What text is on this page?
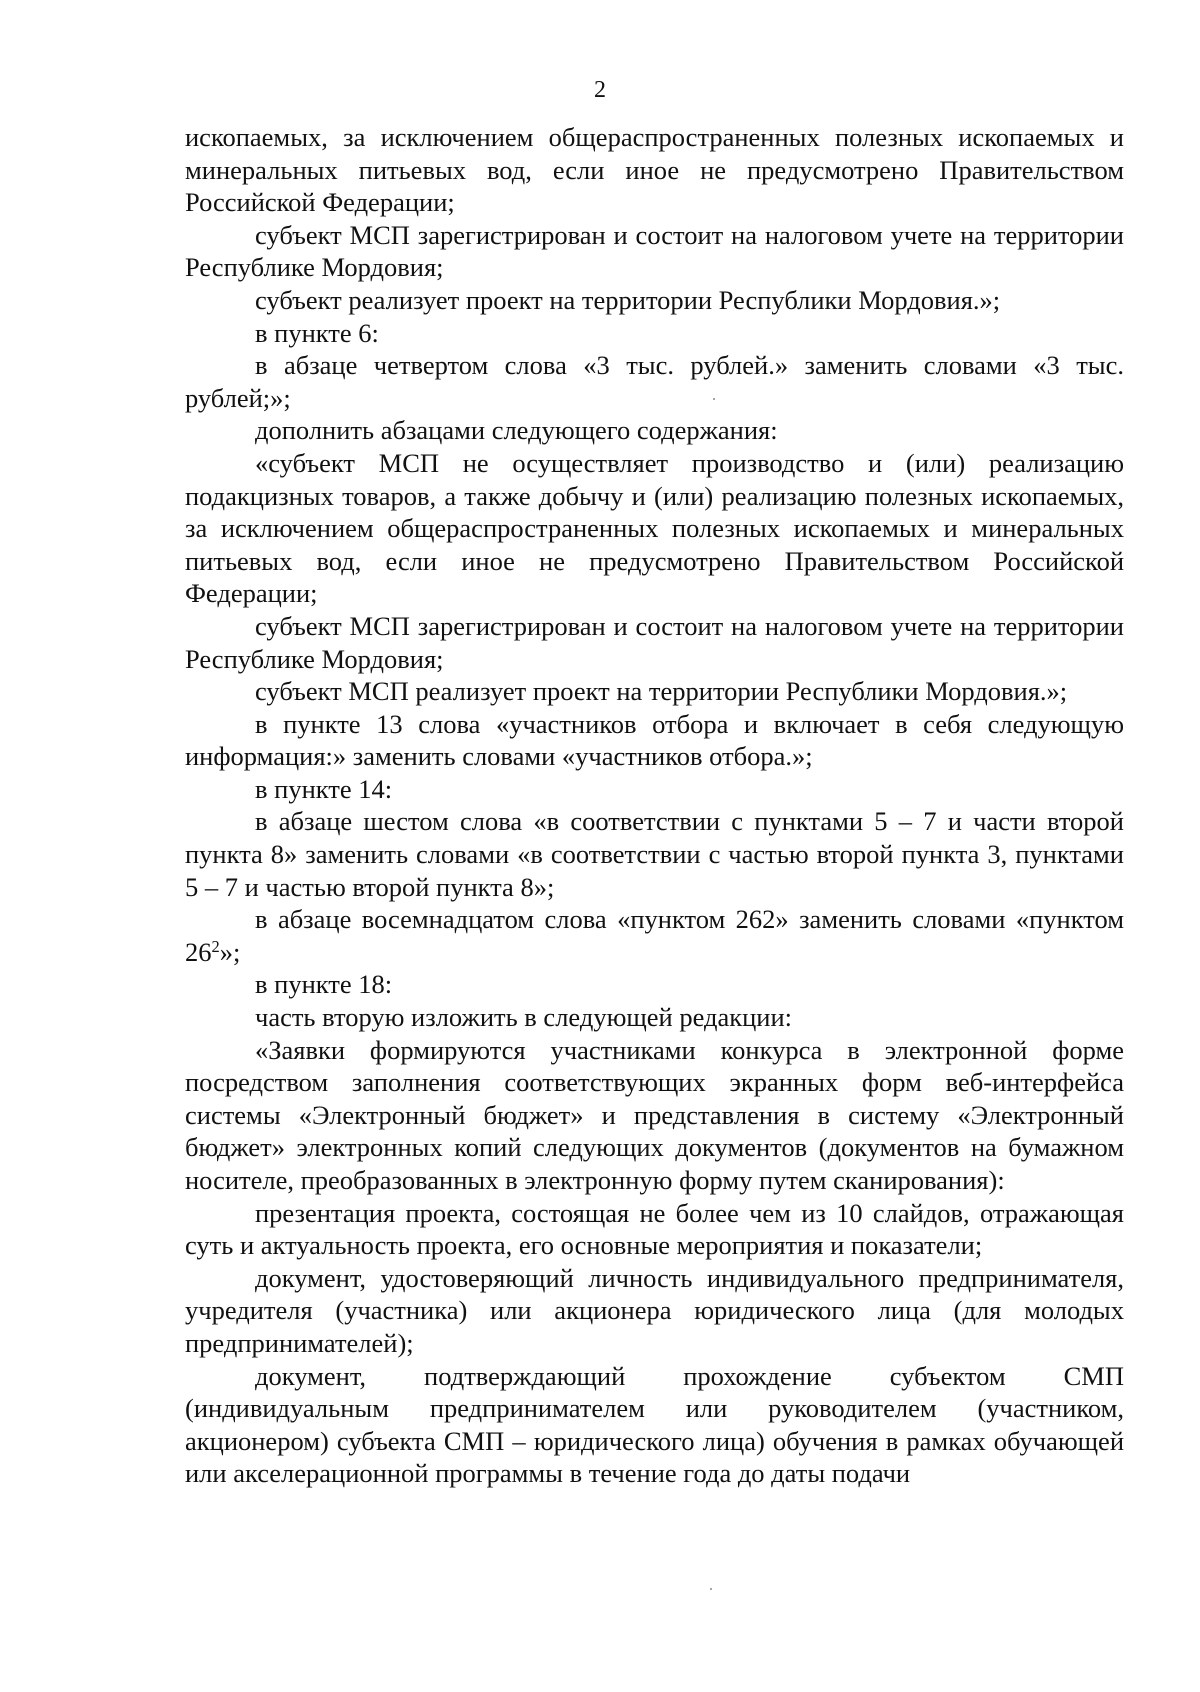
2

ископаемых, за исключением общераспространенных полезных ископаемых и минеральных питьевых вод, если иное не предусмотрено Правительством Российской Федерации;

субъект МСП зарегистрирован и состоит на налоговом учете на территории Республике Мордовия;

субъект реализует проект на территории Республики Мордовия.»;

в пункте 6:

в абзаце четвертом слова «3 тыс. рублей.» заменить словами «3 тыс. рублей;»;

дополнить абзацами следующего содержания:

«субъект МСП не осуществляет производство и (или) реализацию подакцизных товаров, а также добычу и (или) реализацию полезных ископаемых, за исключением общераспространенных полезных ископаемых и минеральных питьевых вод, если иное не предусмотрено Правительством Российской Федерации;

субъект МСП зарегистрирован и состоит на налоговом учете на территории Республике Мордовия;

субъект МСП реализует проект на территории Республики Мордовия.»;

в пункте 13 слова «участников отбора и включает в себя следующую информация:» заменить словами «участников отбора.»;

в пункте 14:

в абзаце шестом слова «в соответствии с пунктами 5 – 7 и части второй пункта 8» заменить словами «в соответствии с частью второй пункта 3, пунктами 5 – 7 и частью второй пункта 8»;

в абзаце восемнадцатом слова «пунктом 262» заменить словами «пунктом $26^2$»;

в пункте 18:

часть вторую изложить в следующей редакции:

«Заявки формируются участниками конкурса в электронной форме посредством заполнения соответствующих экранных форм веб-интерфейса системы «Электронный бюджет» и представления в систему «Электронный бюджет» электронных копий следующих документов (документов на бумажном носителе, преобразованных в электронную форму путем сканирования):

презентация проекта, состоящая не более чем из 10 слайдов, отражающая суть и актуальность проекта, его основные мероприятия и показатели;

документ, удостоверяющий личность индивидуального предпринимателя, учредителя (участника) или акционера юридического лица (для молодых предпринимателей);

документ, подтверждающий прохождение субъектом СМП (индивидуальным предпринимателем или руководителем (участником, акционером) субъекта СМП – юридического лица) обучения в рамках обучающей или акселерационной программы в течение года до даты подачи
